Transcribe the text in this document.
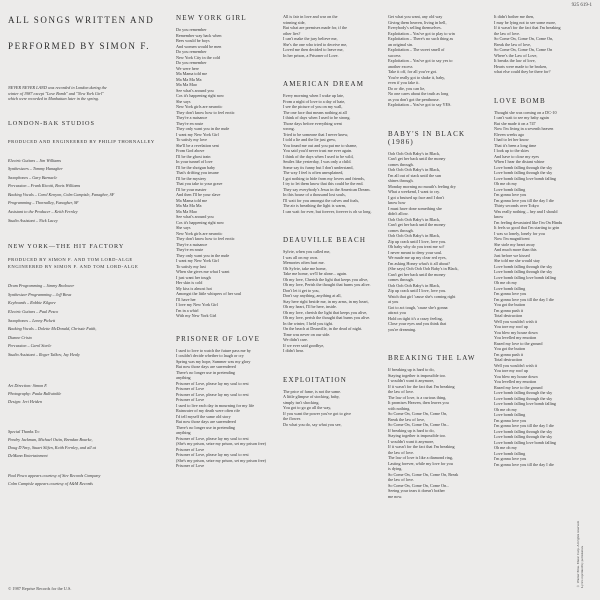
ALL SONGS WRITTEN AND
PERFORMED BY SIMON F.

NEVER NEVER LAND was recorded in London during the
winter of 1987 except "Love Bomb" and "New York Girl"
which were recorded in Manhattan later in the spring.

LONDON-BAK STUDIOS

PRODUCED AND ENGINEERED BY PHILIP THORNALLEY

Electric Guitars – Jim Williams
Synthesizers – Tommy Hanagher
Saxophones – Gary Barnacle
Percussion – Frank Ricotti, Bovis Williams
Backing Vocals – Carol Kenyon, Colm Campisle, Fanagher, SF
Programming – Thornalley, Fanagher, SF
Assistant to the Producer – Keith Fernley
Studio Assistant – Nick Lacey

NEW YORK—THE HIT FACTORY

PRODUCED BY SIMON F. AND TOM LORD-ALGE

ENGINEERED BY SIMON F. AND TOM LORD-ALGE

Drum Programming – Jimmy Bralower
Synthesizer Programming – Jeff Bova
Keyboards – Robbie Kilgore
Electric Guitars – Paul Pesco
Saxophones – Lenny Pickett
Backing Vocals – Dolette McDonald, Chrissie Faith,
Dianne Cristo
Percussion – Carol Steele
Studio Assistant – Roger Talkov, Jay Healy

Art Direction: Simon F.
Photography: Paula Bullwinkle
Design: Jeri Heiden

Special Thanks To:
Pendry Jackman, Michael Ostin, Brendan Bourke,
Doug D'Arcy, Stuart Slifen, Keith Fernley, and all at
DeMann Entertainment

Paul Pesco appears courtesy of Sire Records Company
Colm Campisle appears courtesy of A&M Records

© 1987 Reprise Records for the U.S.

NEW YORK GIRL

Do you remember
Remember way back when
Bees would be boys
And women would be men
Do you remember
New York City in the cold
Do you remember
We were here
Ma Mama told me
Ma Ma Ma Ma
Ma Ma Mao
See what's around you
Cos it's happening right now
She says
New York girls are neurotic
They don't know how to feel erotic
They're a nuisance
They're en route
They only want you in the nude
I want my New York Girl
To satisfy my love
She'll be a revelation sent
From God above
I'll be the ghost train
In your tunnel of love
I'll be the shotgun baby
That's drifting you insane
I'll be the mystery
That you take to your grave
I'll be your master
And then I'll be your slave
Ma Mama told me
Ma Ma Ma Ma
Ma Ma Mao
See what's around you
Cos it's happening right now
She says
New York girls are neurotic
They don't know how to feel erotic
They're a nuisance
They're en route
They only want you in the nude
I want my New York Girl
To satisfy my lust
When she gives me what I want
I just want her tough
Her skin is cold
My kiss is almost hot
Amongst the little whispers of her soul
I'll have her
I love my New York Girl
I'm in a whirl
With my New York Girl

PRISONER OF LOVE

I used to love to watch the future pass me by
I couldn't decide whether to laugh or cry
Spring was my hope, Summer was my glory
But now those days are surrendered
There's no longer use in pretending
anything
Prisoner of Love, please lay my soul to rest
Prisoner of Love
Prisoner of Love, please lay my soul to rest
Prisoner of Love
I used to live each day in mourning for my life
Rainwater of my death were often rife
I'd tell myself the same old story
But now those days are surrendered
There's no longer use in pretending
anything
Prisoner of Love, please lay my soul to rest
(She's my prison, seize my prison, set my prison free)
Prisoner of Love
Prisoner of Love, please lay my soul to rest
(She's my prison, seize my prison, set my prison free)
Prisoner of Love

All is fair in love and war on the
winning side,
But what are premises made for, if the
other lies?
I can't make the jury believe me,
She's the one who tried to deceive me,
Loved me then decided to leave me,
In her prison, a Prisoner of Love.

AMERICAN DREAM

Every morning when I wake up late,
From a night of love to a day of hate,
I see the picture of you on my wall,
The one face that means nothing at all
I think of days when I used to be strong.
Those days before everything went
wrong.
Tried to be someone that I never knew,
I told a lie and the lie just grew,
You found me out and you put me to shame,
You said you'd never trust me ever again.
I think of the days when I used to be wild,
Smiles like yesterday, I was only a child.
Some say its funny but I don't understand,
The way I feel is often unexplained,
I got nothing to hide from my lovers and friends,
I try to let them know that this could be the end.
They say everybody's Jesus in the American Dream.
In this house of a thousand lost souls,
I'll wait for you amongst the calves and foals,
The air is breathing the light is warm,
I can wait for ever, but forever, forever is oh so long.

DEAUVILLE BEACH

Sylvie, when you called me,
I was all on my own.
Memories often hurt me.
Oh Sylvie, take me home,
Take me home, we'll be alone... again.
Oh my love, Cherish the light that keeps you alive,
Oh my love, Perish the thought that burns you alive.
Don't let it get to you,
Don't say anything, anything at all,
Stay here right beside me, in my arms, in my heart,
Oh my heart, I'll be here, inside.
Oh my love, cherish the light that keeps you alive,
Oh my love, perish the thought that burns you alive.
In the winter, I held you tight.
On the beach at Deauville, in the dead of night.
Time was never on our side.
We didn't care.
If we ever said goodbye,
I didn't hear.

EXPLOITATION

The price of fame, is not the same.
A little glimpse of stocking, baby,
simply isn't shocking.
You got to go go all the way,
If you want the power you've got to give
the flower.
Do what you do, say what you see,

Get what you want, any old way
Giving them heaven, living in hell,
Everybody's selling themselves.
Exploitation – You've got to play to win
Exploitation – There's no such thing as
an original sin.
Exploitation – The sweet smell of
success
Exploitation – You've got to say yes to
another excess
Take it off, for all you've got.
You're really got to shake it, baby,
even if you fake it.
Do or die, you can lie,
No one cares about the truth as long
as you don't got the penthouse.
Exploitation – You've got to say YES.

BABY'S IN BLACK (1986)

Ooh Ooh Ooh Baby's in Black,
Can't get her back until the money
comes through.
Ooh Ooh Ooh Baby's in Black,
I'm all out of stack until the sun
shines through.
Monday morning no mouth's feeling dry
What a weekend, I want to cry.
I got a bruised up face and I don't
know how
I must have done something she
didn't allow.
Ooh Ooh Ooh Baby's in Black,
Can't get her back until the money
comes through.
Ooh Ooh Ooh Baby's in Black,
Zip up crack until I love, love you.
Oh baby why do you treat me so?
I never meant to deny your soul.
We made me up my clear red eyes,
I'm asking Honey what's it all about?
(She says) Ooh Ooh Ooh Baby's in Black,
Can't get her back until the money
comes through.
Ooh Ooh Ooh Baby's in Black,
Zip up crack until I love, love you.
Watch that girl 'cause she's coming right
at you
Got to act tough, 'cause she's gonna
attract you
Hold on tight it's a crazy feeling,
Close your eyes and you think that
you're dreaming.

BREAKING THE LAW

If breaking up is hard to do,
Staying together is impossible too.
I wouldn't want it anymore,
If it wasn't for the fact that I'm breaking
the law of love.
The law of love, is a curious thing,
It promises Heaven, then leaves you
with nothing.
So Come On, Come On, Come On,
Break the law of love,
So Come On, Come On, Come On...
If breaking up is hard to do,
Staying together is impossible too.
I wouldn't want it anymore,
If it wasn't for the fact that I'm breaking
the law of love.
The law of love is like a diamond ring,
Lasting forever, while my love for you
is dying.
So Come On, Come On, Come On, Break
the law of love.
So Come On, Come On, Come On...
Seeing your tears it doesn't bother
me now.

925 619-1

It didn't bother me then,
I may be lying not to see some more,
If it wasn't for the fact that I'm breaking
the law of love.
So Come On, Come On, Come On,
Break the law of love,
So Come On, Come On, Come On
Where's the Law of Love,
It breaks the law of love,
Hearts were made to be broken,
what else could they be there for?

LOVE BOMB

Thought she was coming on a DC-10
I can't wait to see my baby again
But she made it on a 747
Now I'm living in a seventh heaven
Eleven weeks ago
I had to let her know
That it's been a long time
I look up to the skies
And have to close my eyes
When I hear the distant whine
Love bomb falling through the sky
Love bomb falling through the sky
Love bomb falling love bomb falling
Oh me oh my
Love bomb falling
I'm gonna love you
I'm gonna love you till the day I die
Thirty seconds over Tokyo
Was really nothing – hey and I should
know
I'm feeling devastated like I'm On Hindu
It feels so good that I'm starting to grin
I was so lonely, lonely for you
Now I'm magnificent
She stole my heart away
And much more than this
Just before we kissed
She told me she would stay
Love bomb falling through the sky
Love bomb falling through the sky
Love bomb falling love bomb falling
Oh me oh my
Love bomb falling
I'm gonna love you
I'm gonna love you till the day I die
You got the button
I'm gonna push it
Total destruction
Well you wouldn't wish it
You tore my roof up
You blew my house down
You levelled my emotion
Razed my love to the ground
You got the button
I'm gonna push it
Total destruction
Well you wouldn't wish it
You tore my roof up
You blew my house down
You levelled my emotion
Razed my love to the ground
Love bomb falling through the sky
Love bomb falling through the sky
Love bomb falling love bomb falling
Oh me oh my
Love bomb falling
I'm gonna love you
I'm gonna love you till the day I die
Love bomb falling through the sky
Love bomb falling through the sky
Love bomb falling love bomb falling
Oh me oh my
Love bomb falling
I'm gonna love you
I'm gonna love you till the day I die

® Warner Bros. Music Corp. All rights reserved. Lyrics reprinted by permission.
